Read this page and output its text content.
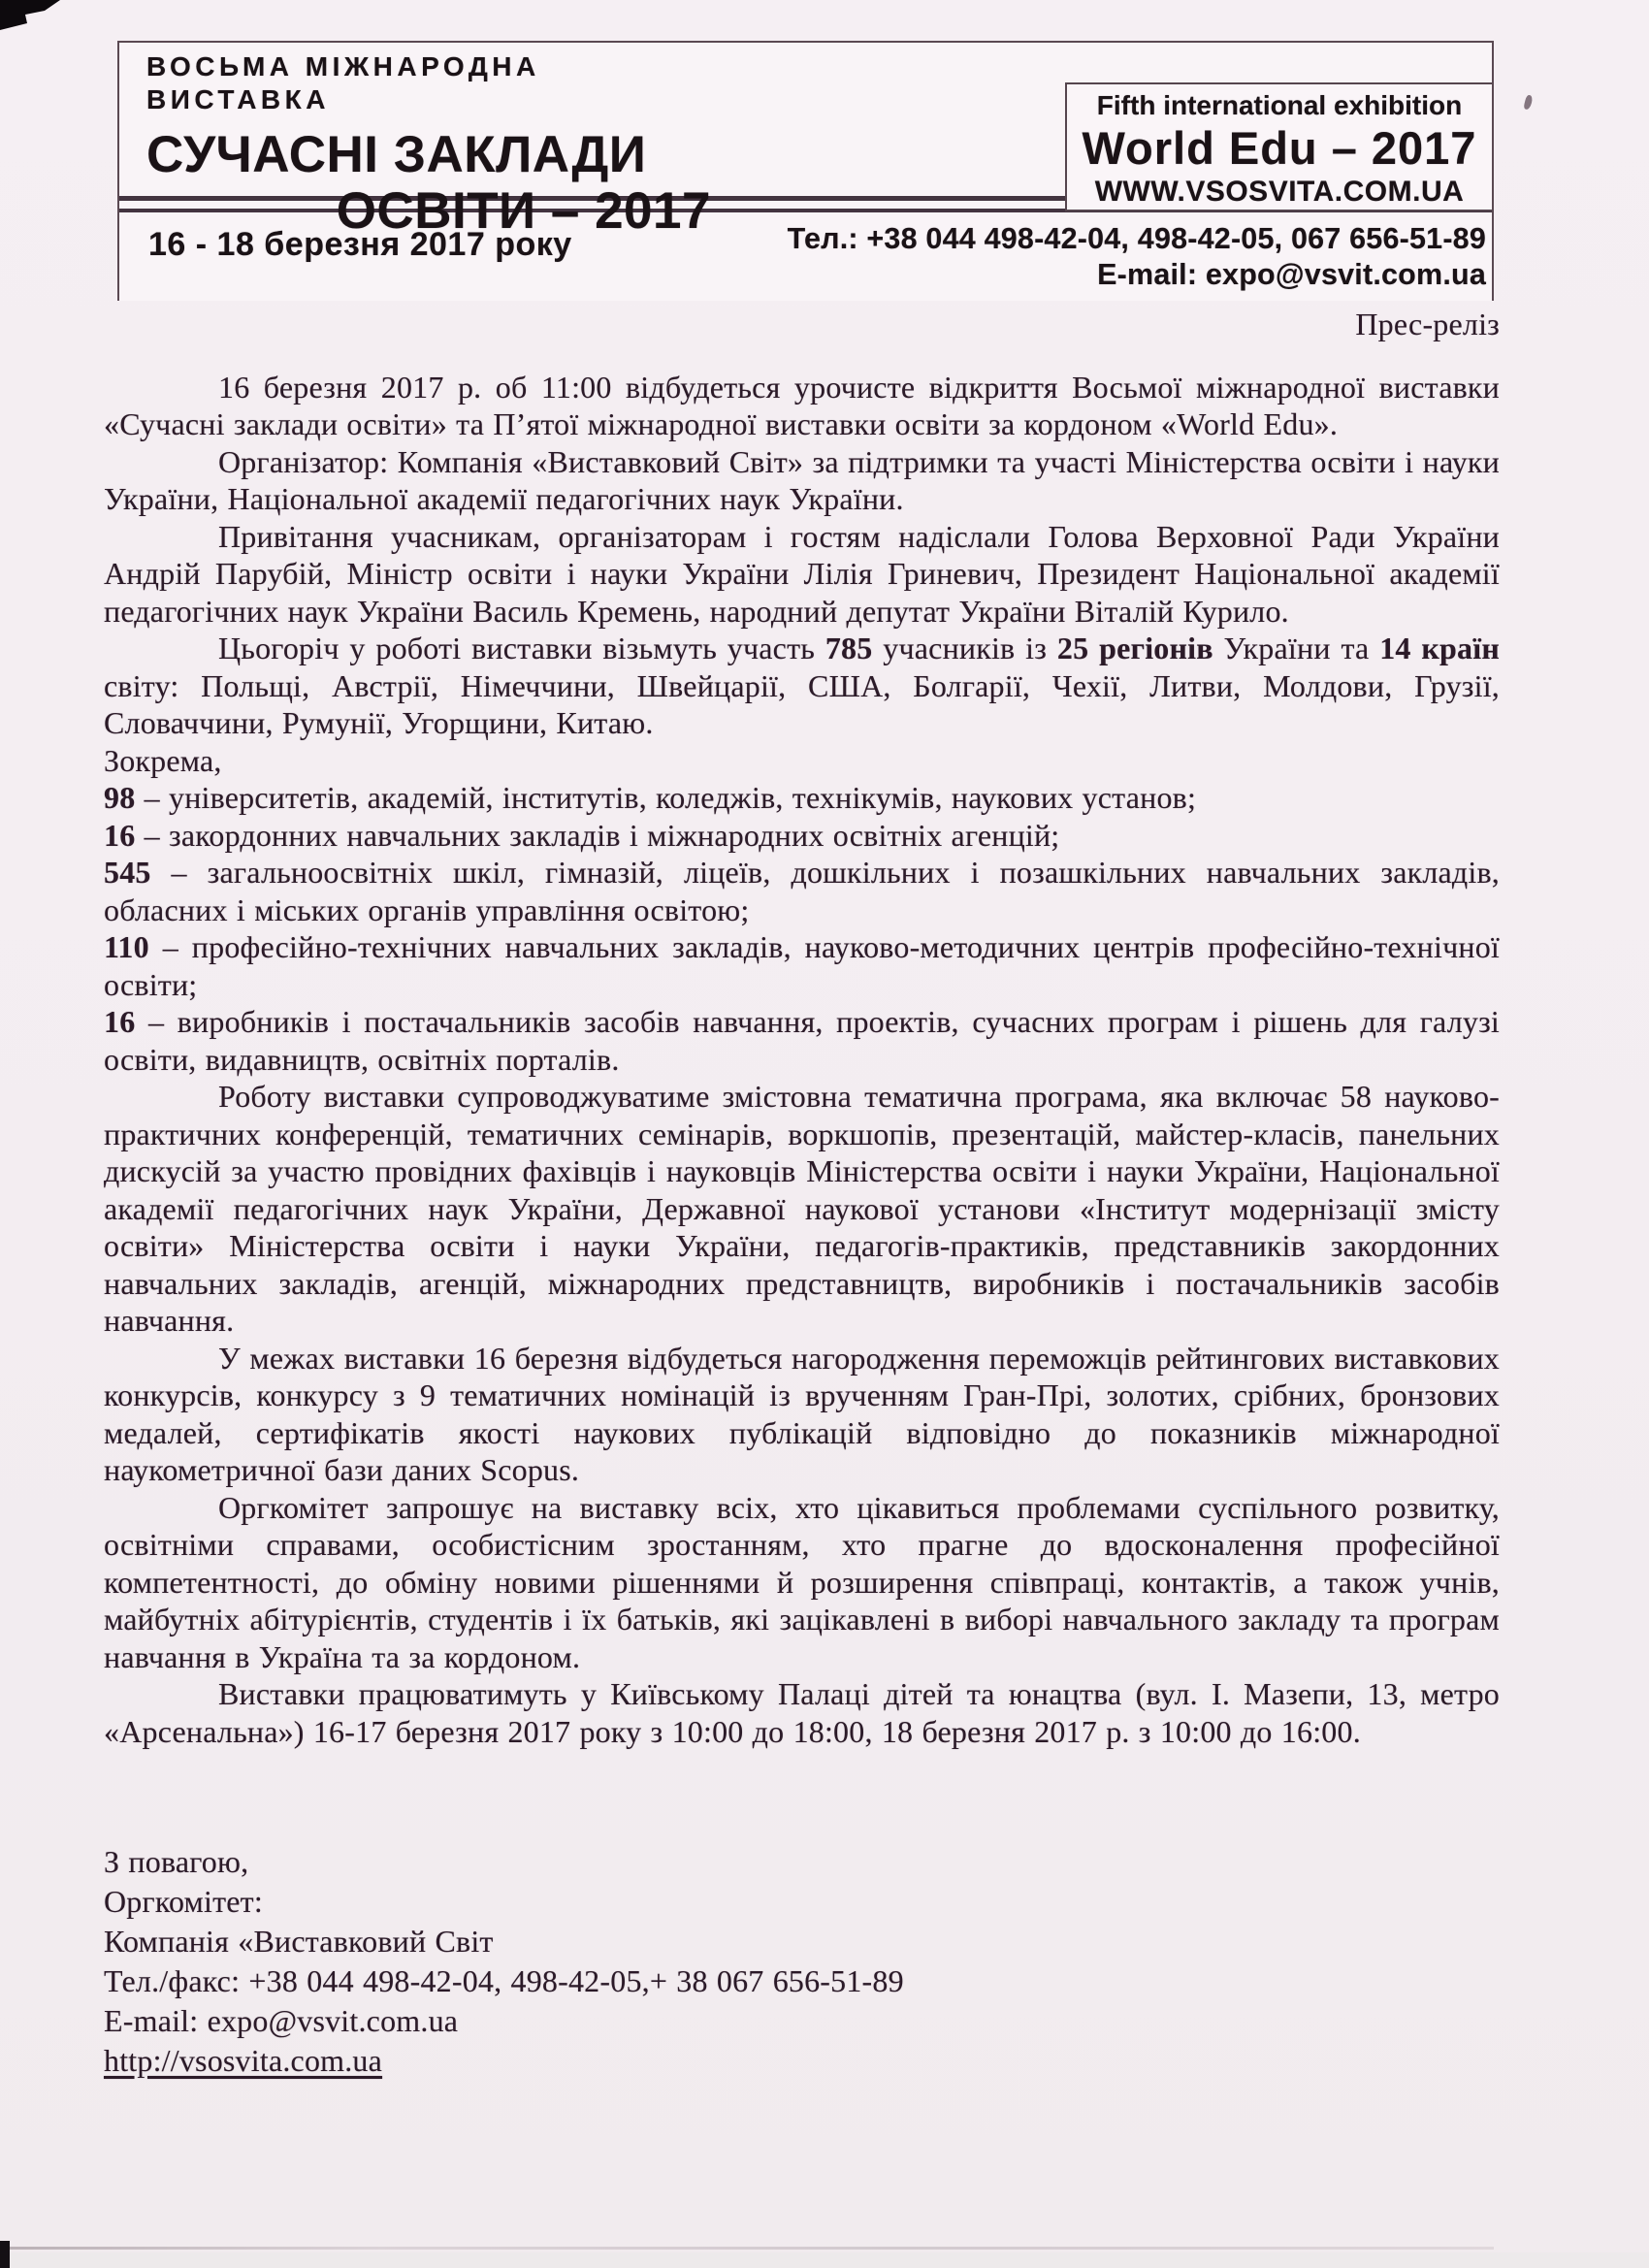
ВОСЬМА МІЖНАРОДНА ВИСТАВКА
СУЧАСНІ ЗАКЛАДИ
ОСВІТИ – 2017
Fifth international exhibition
World Edu – 2017
WWW.VSOSVITA.COM.UA
16 - 18 березня 2017 року	Тел.: +38 044 498-42-04, 498-42-05, 067 656-51-89
E-mail: expo@vsvit.com.ua

Прес-реліз

16 березня 2017 р. об 11:00 відбудеться урочисте відкриття Восьмої міжнародної виставки «Сучасні заклади освіти» та П’ятої міжнародної виставки освіти за кордоном «World Edu».

Організатор: Компанія «Виставковий Світ» за підтримки та участі Міністерства освіти і науки України, Національної академії педагогічних наук України.

Привітання учасникам, організаторам і гостям надіслали Голова Верховної Ради України Андрій Парубій, Міністр освіти і науки України Лілія Гриневич, Президент Національної академії педагогічних наук України Василь Кремень, народний депутат України Віталій Курило.

Цьогоріч у роботі виставки візьмуть участь 785 учасників із 25 регіонів України та 14 країн світу: Польщі, Австрії, Німеччини, Швейцарії, США, Болгарії, Чехії, Литви, Молдови, Грузії, Словаччини, Румунії, Угорщини, Китаю.

Зокрема,

98 – університетів, академій, інститутів, коледжів, технікумів, наукових установ;

16 – закордонних навчальних закладів і міжнародних освітніх агенцій;

545 – загальноосвітніх шкіл, гімназій, ліцеїв, дошкільних і позашкільних навчальних закладів, обласних і міських органів управління освітою;

110 – професійно-технічних навчальних закладів, науково-методичних центрів професійно-технічної освіти;

16 – виробників і постачальників засобів навчання, проектів, сучасних програм і рішень для галузі освіти, видавництв, освітніх порталів.

Роботу виставки супроводжуватиме змістовна тематична програма, яка включає 58 науково-практичних конференцій, тематичних семінарів, воркшопів, презентацій, майстер-класів, панельних дискусій за участю провідних фахівців і науковців Міністерства освіти і науки України, Національної академії педагогічних наук України, Державної наукової установи «Інститут модернізації змісту освіти» Міністерства освіти і науки України, педагогів-практиків, представників закордонних навчальних закладів, агенцій, міжнародних представництв, виробників і постачальників засобів навчання.

У межах виставки 16 березня відбудеться нагородження переможців рейтингових виставкових конкурсів, конкурсу з 9 тематичних номінацій із врученням Гран-Прі, золотих, срібних, бронзових медалей, сертифікатів якості наукових публікацій відповідно до показників міжнародної наукометричної бази даних Scopus.

Оргкомітет запрошує на виставку всіх, хто цікавиться проблемами суспільного розвитку, освітніми справами, особистісним зростанням, хто прагне до вдосконалення професійної компетентності, до обміну новими рішеннями й розширення співпраці, контактів, а також учнів, майбутніх абітурієнтів, студентів і їх батьків, які зацікавлені в виборі навчального закладу та програм навчання в Україна та за кордоном.

Виставки працюватимуть у Київському Палаці дітей та юнацтва (вул. І. Мазепи, 13, метро «Арсенальна») 16-17 березня 2017 року з 10:00 до 18:00, 18 березня 2017 р. з 10:00 до 16:00.

З повагою,

Оргкомітет:

Компанія «Виставковий Світ

Тел./факс: +38 044 498-42-04, 498-42-05,+ 38 067 656-51-89

E-mail: expo@vsvit.com.ua

http://vsosvita.com.ua
